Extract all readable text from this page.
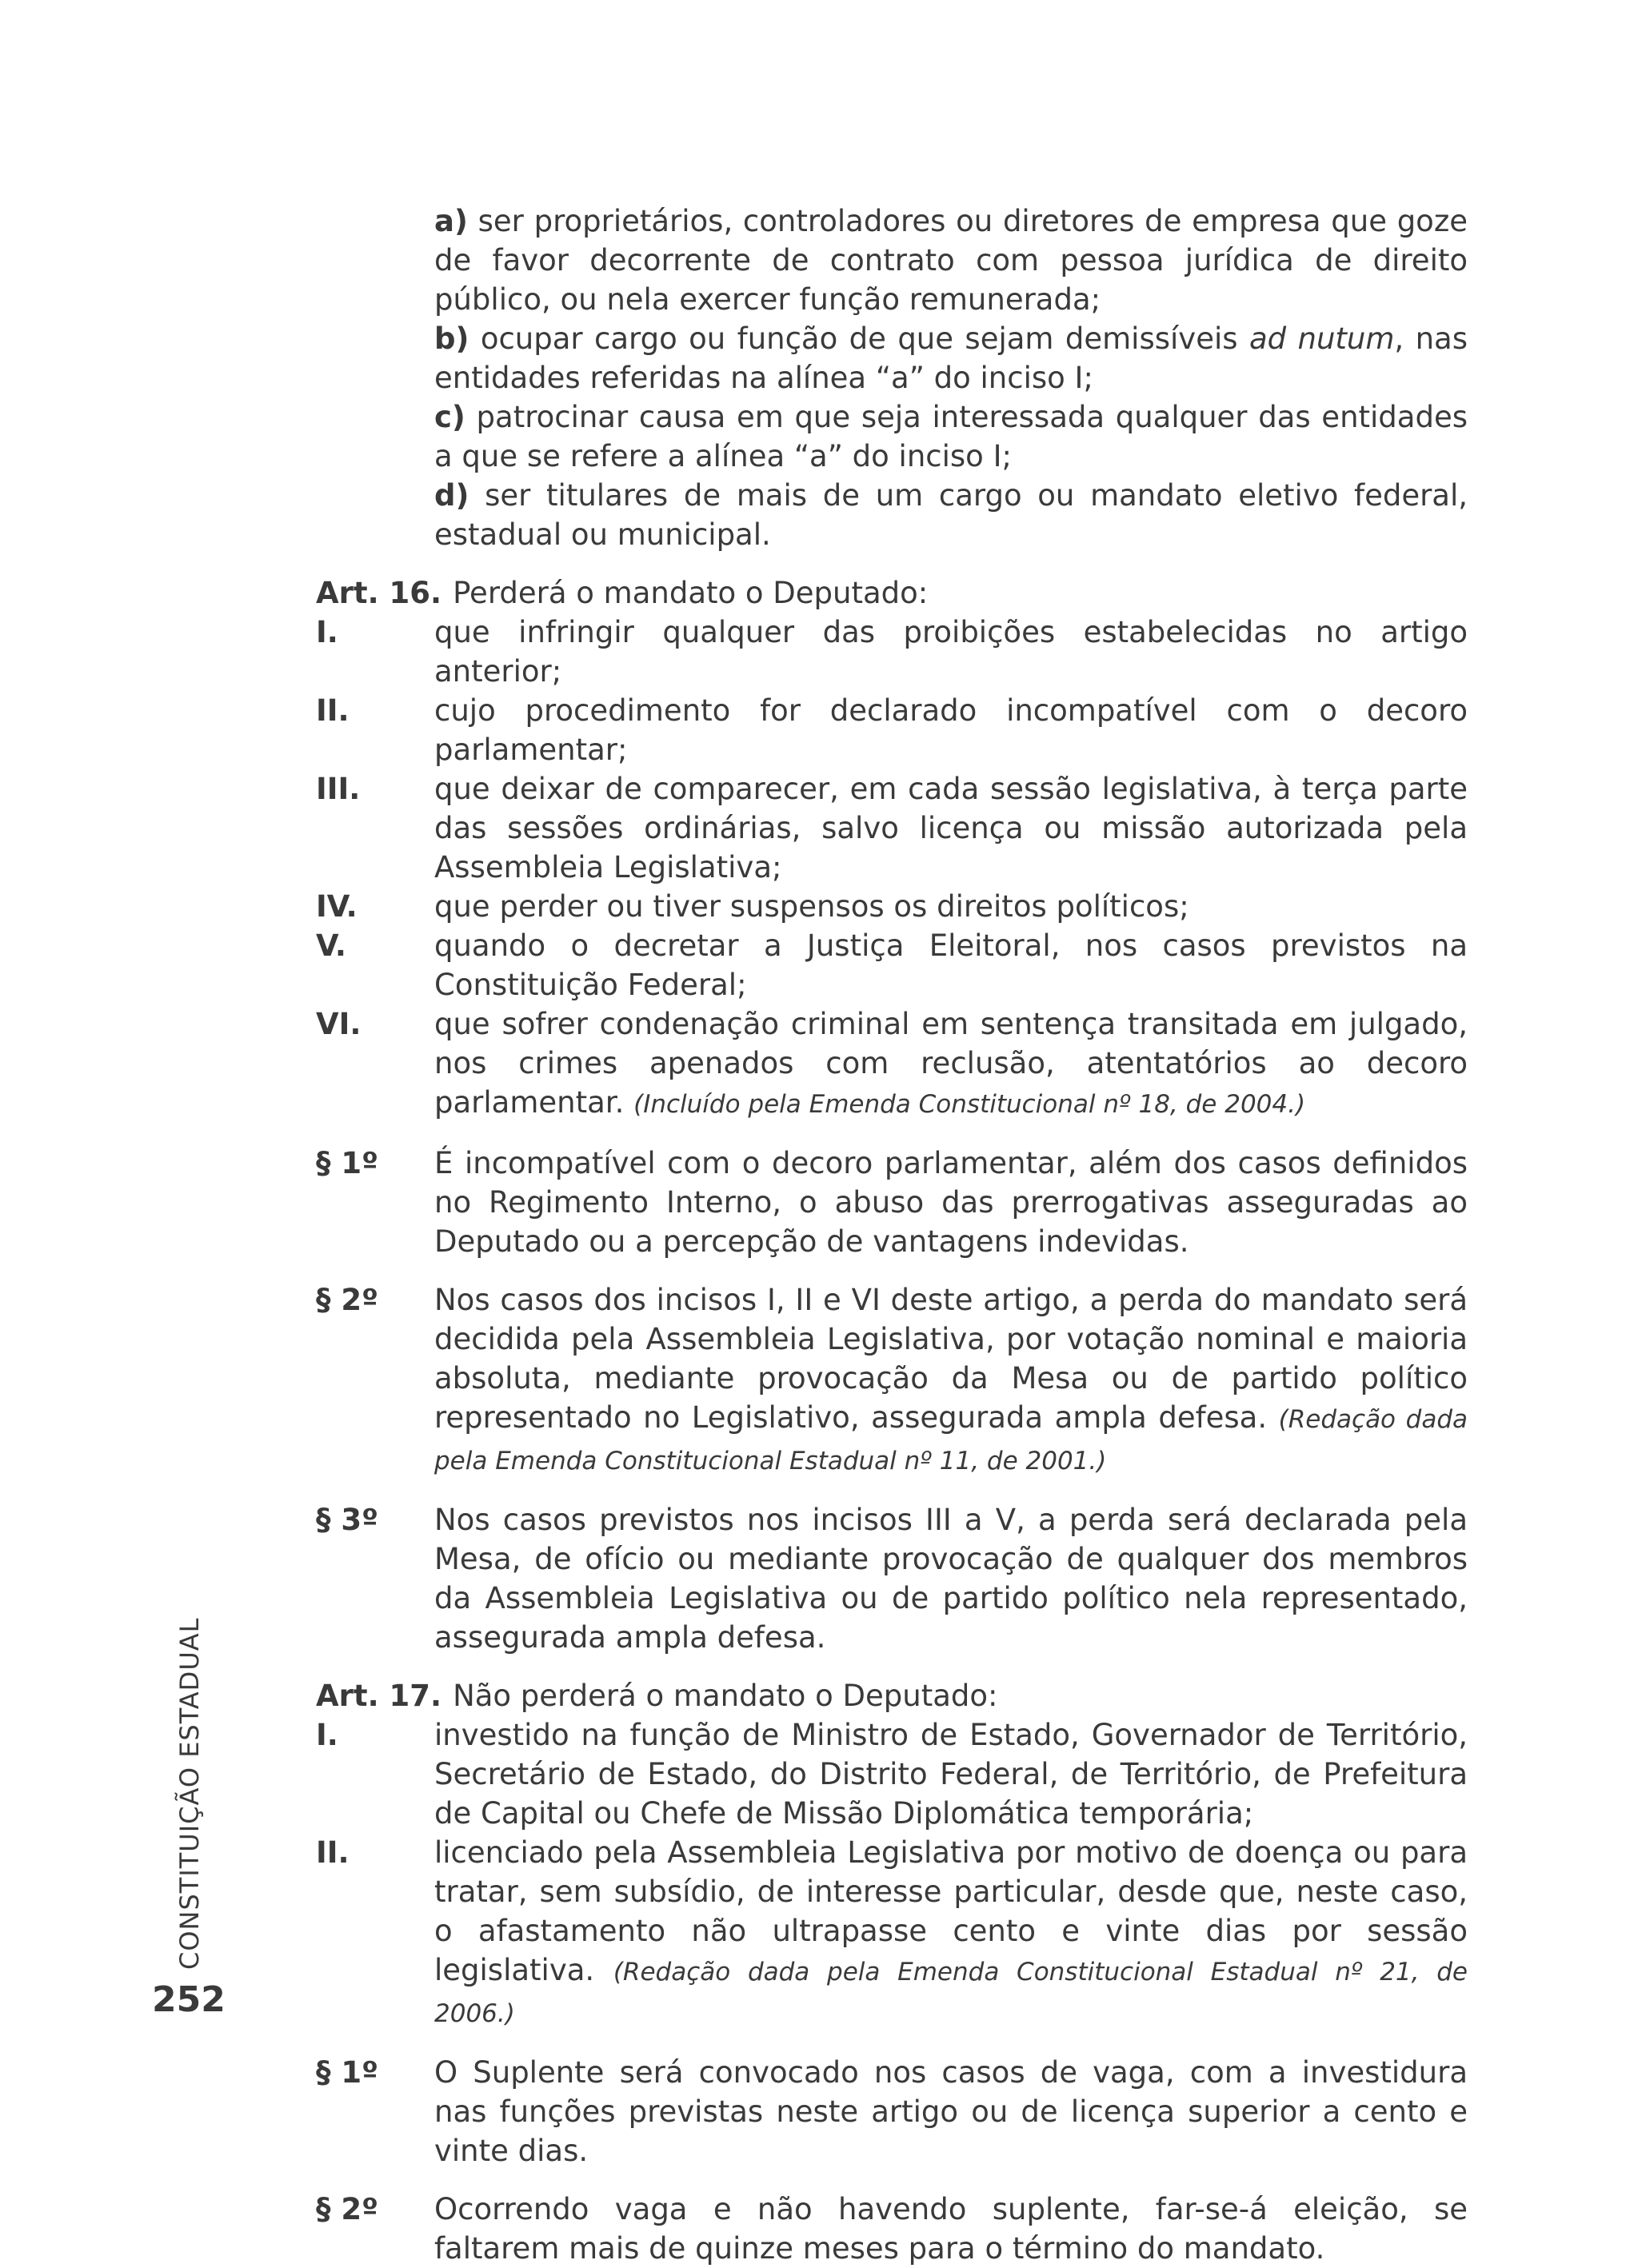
a) ser proprietários, controladores ou diretores de empresa que goze de favor decorrente de contrato com pessoa jurídica de direito público, ou nela exercer função remunerada;
b) ocupar cargo ou função de que sejam demissíveis ad nutum, nas entidades referidas na alínea “a” do inciso I;
c) patrocinar causa em que seja interessada qualquer das entidades a que se refere a alínea “a” do inciso I;
d) ser titulares de mais de um cargo ou mandato eletivo federal, estadual ou municipal.
Art. 16. Perderá o mandato o Deputado:
I.	que infringir qualquer das proibições estabelecidas no artigo anterior;
II.	cujo procedimento for declarado incompatível com o decoro parlamentar;
III.	que deixar de comparecer, em cada sessão legislativa, à terça parte das sessões ordinárias, salvo licença ou missão autorizada pela Assembleia Legislativa;
IV.	que perder ou tiver suspensos os direitos políticos;
V.	quando o decretar a Justiça Eleitoral, nos casos previstos na Constituição Federal;
VI.	que sofrer condenação criminal em sentença transitada em julgado, nos crimes apenados com reclusão, atentatórios ao decoro parlamentar. (Incluído pela Emenda Constitucional nº 18, de 2004.)
§ 1º	É incompatível com o decoro parlamentar, além dos casos definidos no Regimento Interno, o abuso das prerrogativas asseguradas ao Deputado ou a percepção de vantagens indevidas.
§ 2º	Nos casos dos incisos I, II e VI deste artigo, a perda do mandato será decidida pela Assembleia Legislativa, por votação nominal e maioria absoluta, mediante provocação da Mesa ou de partido político representado no Legislativo, assegurada ampla defesa. (Redação dada pela Emenda Constitucional Estadual nº 11, de 2001.)
§ 3º	Nos casos previstos nos incisos III a V, a perda será declarada pela Mesa, de ofício ou mediante provocação de qualquer dos membros da Assembleia Legislativa ou de partido político nela representado, assegurada ampla defesa.
Art. 17. Não perderá o mandato o Deputado:
I.	investido na função de Ministro de Estado, Governador de Território, Secretário de Estado, do Distrito Federal, de Território, de Prefeitura de Capital ou Chefe de Missão Diplomática temporária;
II.	licenciado pela Assembleia Legislativa por motivo de doença ou para tratar, sem subsídio, de interesse particular, desde que, neste caso, o afastamento não ultrapasse cento e vinte dias por sessão legislativa. (Redação dada pela Emenda Constitucional Estadual nº 21, de 2006.)
§ 1º	O Suplente será convocado nos casos de vaga, com a investidura nas funções previstas neste artigo ou de licença superior a cento e vinte dias.
§ 2º	Ocorrendo vaga e não havendo suplente, far-se-á eleição, se faltarem mais de quinze meses para o término do mandato.
CONSTITUIÇÃO ESTADUAL
252
